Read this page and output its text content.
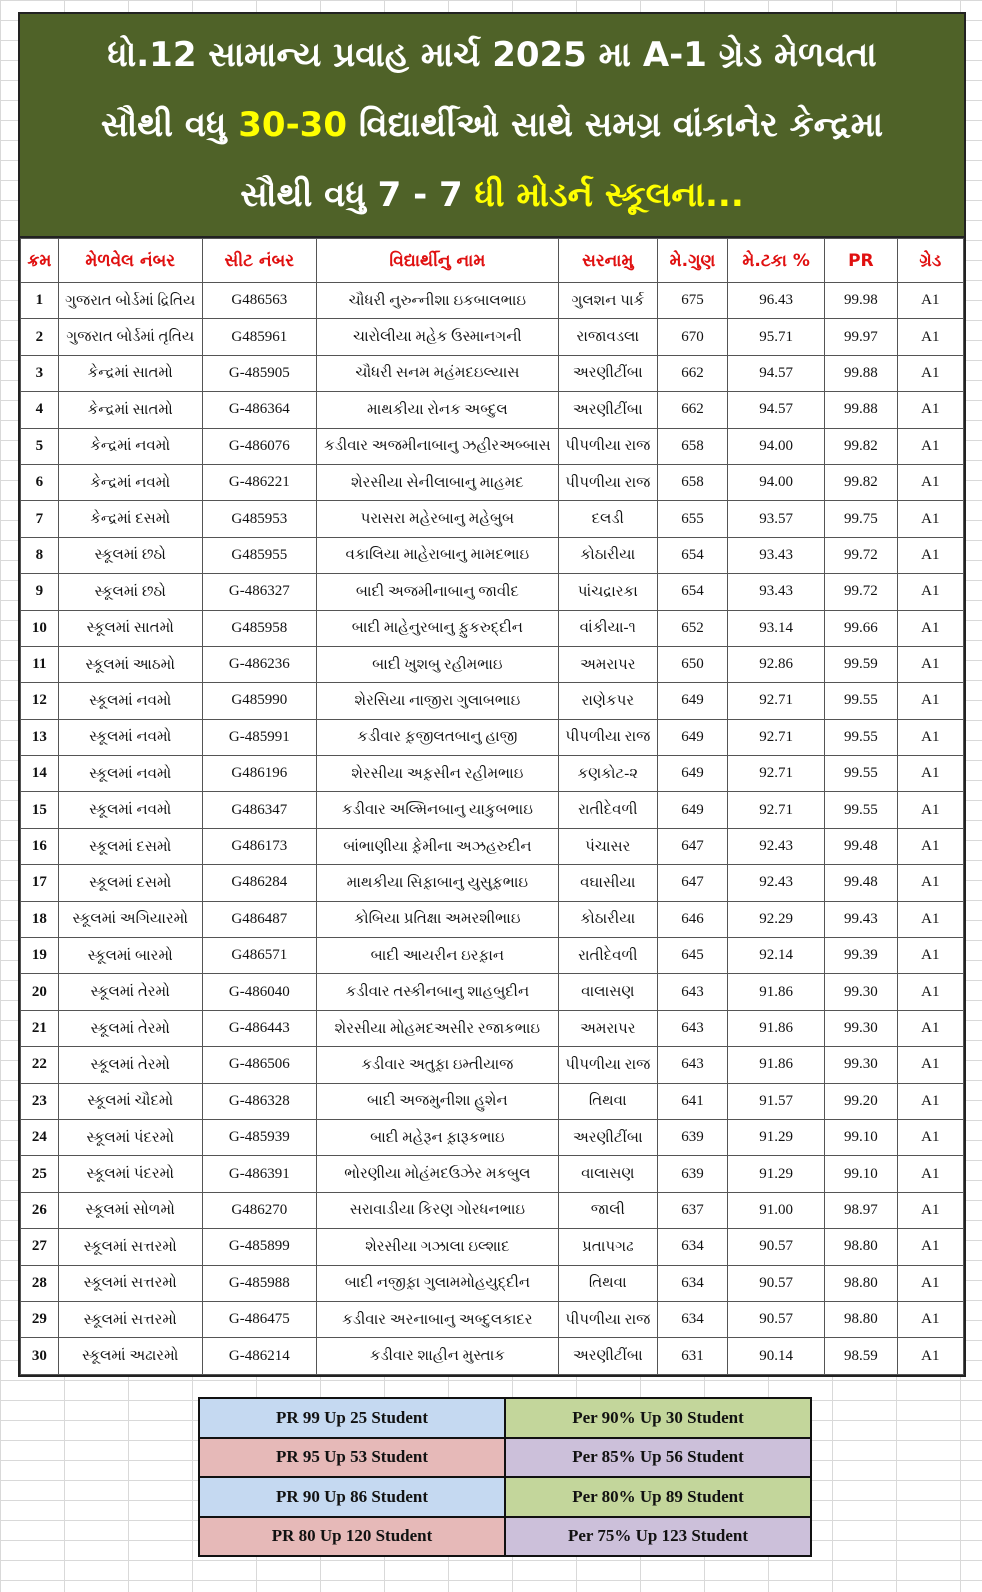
ધો.12 સામાન્ય પ્રવાહ માર્ચ 2025 મા A-1 ગ્રેડ મેળવતા
સૌથી વધુ 30-30 વિદ્યાર્થીઓ સાથે સમગ્ર વાંકાનેર કેન્દ્રમા
સૌથી વધુ 7 - 7 ધી મોડર્ન સ્કૂલના...
ક્રમ	મેળવેલ નંબર	સીટ નંબર	વિદ્યાર્થીનુ નામ	સરનામુ	મે.ગુણ	મે.ટકા %	PR	ગ્રેડ
1	ગુજરાત બોર્ડમાં દ્રિતિય	G486563	ચૌધરી નુરુન્નીશા ઇકબાલભાઇ	ગુલશન પાર્ક	675	96.43	99.98	A1
2	ગુજરાત બોર્ડમાં તૃતિય	G485961	ચારોલીયા મહેક ઉસ્માનગની	રાજાવડલા	670	95.71	99.97	A1
3	કેન્દ્રમાં સાતમો	G-485905	ચૌધરી સનમ મહંમદઇલ્યાસ	અરણીટીંબા	662	94.57	99.88	A1
4	કેન્દ્રમાં સાતમો	G-486364	માથકીયા રોનક અબ્દુલ	અરણીટીંબા	662	94.57	99.88	A1
5	કેન્દ્રમાં નવમો	G-486076	કડીવાર અજમીનાબાનુ ઝહીરઅબ્બાસ	પીપળીયા રાજ	658	94.00	99.82	A1
6	કેન્દ્રમાં નવમો	G-486221	શેરસીયા સેનીલાબાનુ માહમદ	પીપળીયા રાજ	658	94.00	99.82	A1
7	કેન્દ્રમાં દસમો	G485953	પરાસરા મહેરબાનુ મહેબુબ	દલડી	655	93.57	99.75	A1
8	સ્કૂલમાં છઠો	G485955	વકાલિયા માહેરાબાનુ મામદભાઇ	કોઠારીયા	654	93.43	99.72	A1
9	સ્કૂલમાં છઠો	G-486327	બાદી અજમીનાબાનુ જાવીદ	પાંચદ્રારકા	654	93.43	99.72	A1
10	સ્કૂલમાં સાતમો	G485958	બાદી માહેનુરબાનુ ફ઼ુકરુદ્દીન	વાંકીયા-૧	652	93.14	99.66	A1
11	સ્કૂલમાં આઠમો	G-486236	બાદી ખુશબુ રહીમભાઇ	અમરાપર	650	92.86	99.59	A1
12	સ્કૂલમાં નવમો	G485990	શેરસિયા નાજીરા ગુલાબભાઇ	રાણેકપર	649	92.71	99.55	A1
13	સ્કૂલમાં નવમો	G-485991	કડીવાર ફ઼જીલતબાનુ હાજી	પીપળીયા રાજ	649	92.71	99.55	A1
14	સ્કૂલમાં નવમો	G486196	શેરસીયા અફ઼સીન રહીમભાઇ	કણકોટ-૨	649	92.71	99.55	A1
15	સ્કૂલમાં નવમો	G486347	કડીવાર અલ્મિનબાનુ યાકુબભાઇ	રાતીદેવળી	649	92.71	99.55	A1
16	સ્કૂલમાં દસમો	G486173	બાંભાણીયા ફ઼ેમીના અઝહરુદીન	પંચાસર	647	92.43	99.48	A1
17	સ્કૂલમાં દસમો	G486284	માથકીયા સિફ઼ાબાનુ યુસુફ઼ભાઇ	વઘાસીયા	647	92.43	99.48	A1
18	સ્કૂલમાં અગિયારમો	G486487	કોબિયા પ્રતિક્ષા અમરશીભાઇ	કોઠારીયા	646	92.29	99.43	A1
19	સ્કૂલમાં બારમો	G486571	બાદી આયરીન ઇરફ઼ાન	રાતીદેવળી	645	92.14	99.39	A1
20	સ્કૂલમાં તેરમો	G-486040	કડીવાર તસ્કીનબાનુ શાહબુદીન	વાલાસણ	643	91.86	99.30	A1
21	સ્કૂલમાં તેરમો	G-486443	શેરસીયા મોહમદઅસીર રજાકભાઇ	અમરાપર	643	91.86	99.30	A1
22	સ્કૂલમાં તેરમો	G-486506	કડીવાર અતુફ઼ા ઇમ્તીયાજ	પીપળીયા રાજ	643	91.86	99.30	A1
23	સ્કૂલમાં ચૌદમો	G-486328	બાદી અજમુનીશા હુશેન	તિથવા	641	91.57	99.20	A1
24	સ્કૂલમાં પંદરમો	G-485939	બાદી મહેરૂન ફ઼ારૂકભાઇ	અરણીટીંબા	639	91.29	99.10	A1
25	સ્કૂલમાં પંદરમો	G-486391	ભોરણીયા મોહંમદઉઝેર મકબુલ	વાલાસણ	639	91.29	99.10	A1
26	સ્કૂલમાં સોળમો	G486270	સરાવાડીયા કિરણ ગોરધનભાઇ	જાલી	637	91.00	98.97	A1
27	સ્કૂલમાં સત્તરમો	G-485899	શેરસીયા ગઝાલા ઇલ્શાદ	પ્રતાપગઢ	634	90.57	98.80	A1
28	સ્કૂલમાં સત્તરમો	G-485988	બાદી નજીફ઼ા ગુલામમોહયુદ્દીન	તિથવા	634	90.57	98.80	A1
29	સ્કૂલમાં સત્તરમો	G-486475	કડીવાર અરનાબાનુ અબ્દુલકાદર	પીપળીયા રાજ	634	90.57	98.80	A1
30	સ્કૂલમાં અઢારમો	G-486214	કડીવાર શાહીન મુસ્તાક	અરણીટીંબા	631	90.14	98.59	A1
PR 99 Up 25 Student	Per 90% Up 30 Student
PR 95 Up 53 Student	Per 85% Up 56 Student
PR 90 Up 86 Student	Per 80% Up 89 Student
PR 80 Up 120 Student	Per 75% Up 123 Student
